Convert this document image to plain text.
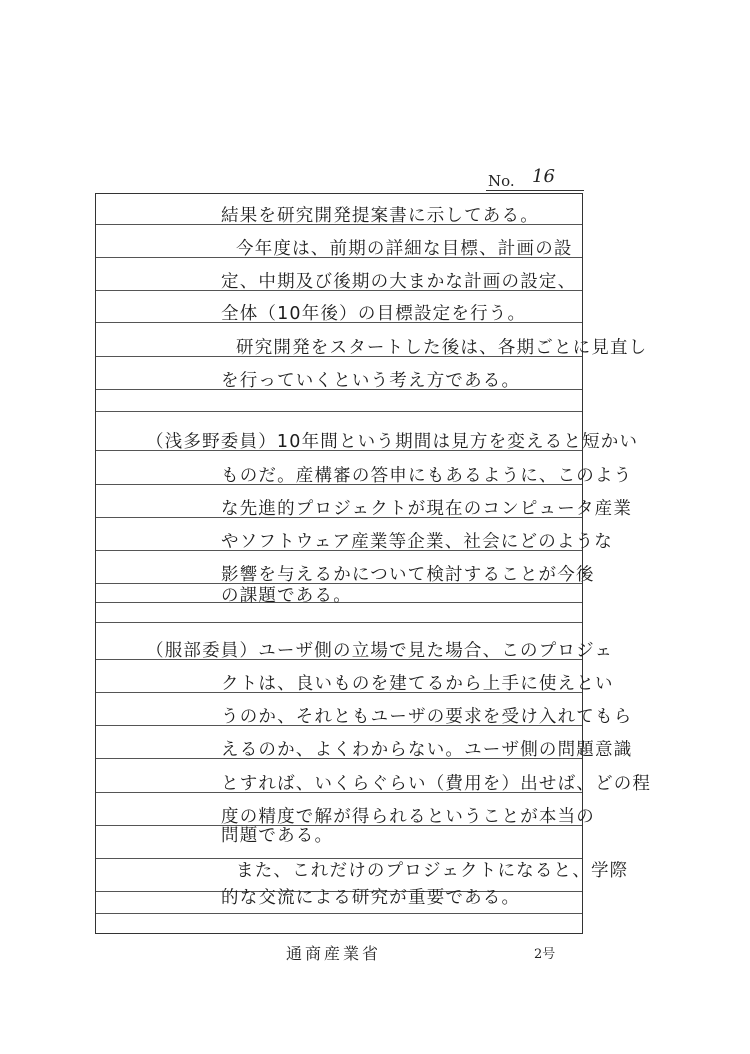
No. 16
結果を研究開発提案書に示してある。
今年度は、前期の詳細な目標、計画の設
定、中期及び後期の大まかな計画の設定、
全体（10年後）の目標設定を行う。
研究開発をスタートした後は、各期ごとに見直し
を行っていくという考え方である。
（浅多野委員）10年間という期間は見方を変えると短かい
ものだ。産構審の答申にもあるように、このよう
な先進的プロジェクトが現在のコンピュータ産業
やソフトウェア産業等企業、社会にどのような
影響を与えるかについて検討することが今後
の課題である。
（服部委員）ユーザ側の立場で見た場合、このプロジェ
クトは、良いものを建てるから上手に使えとい
うのか、それともユーザの要求を受け入れてもら
えるのか、よくわからない。ユーザ側の問題意識
とすれば、いくらぐらい（費用を）出せば、どの程
度の精度で解が得られるということが本当の
問題である。
また、これだけのプロジェクトになると、学際
的な交流による研究が重要である。
通商産業省	2号
